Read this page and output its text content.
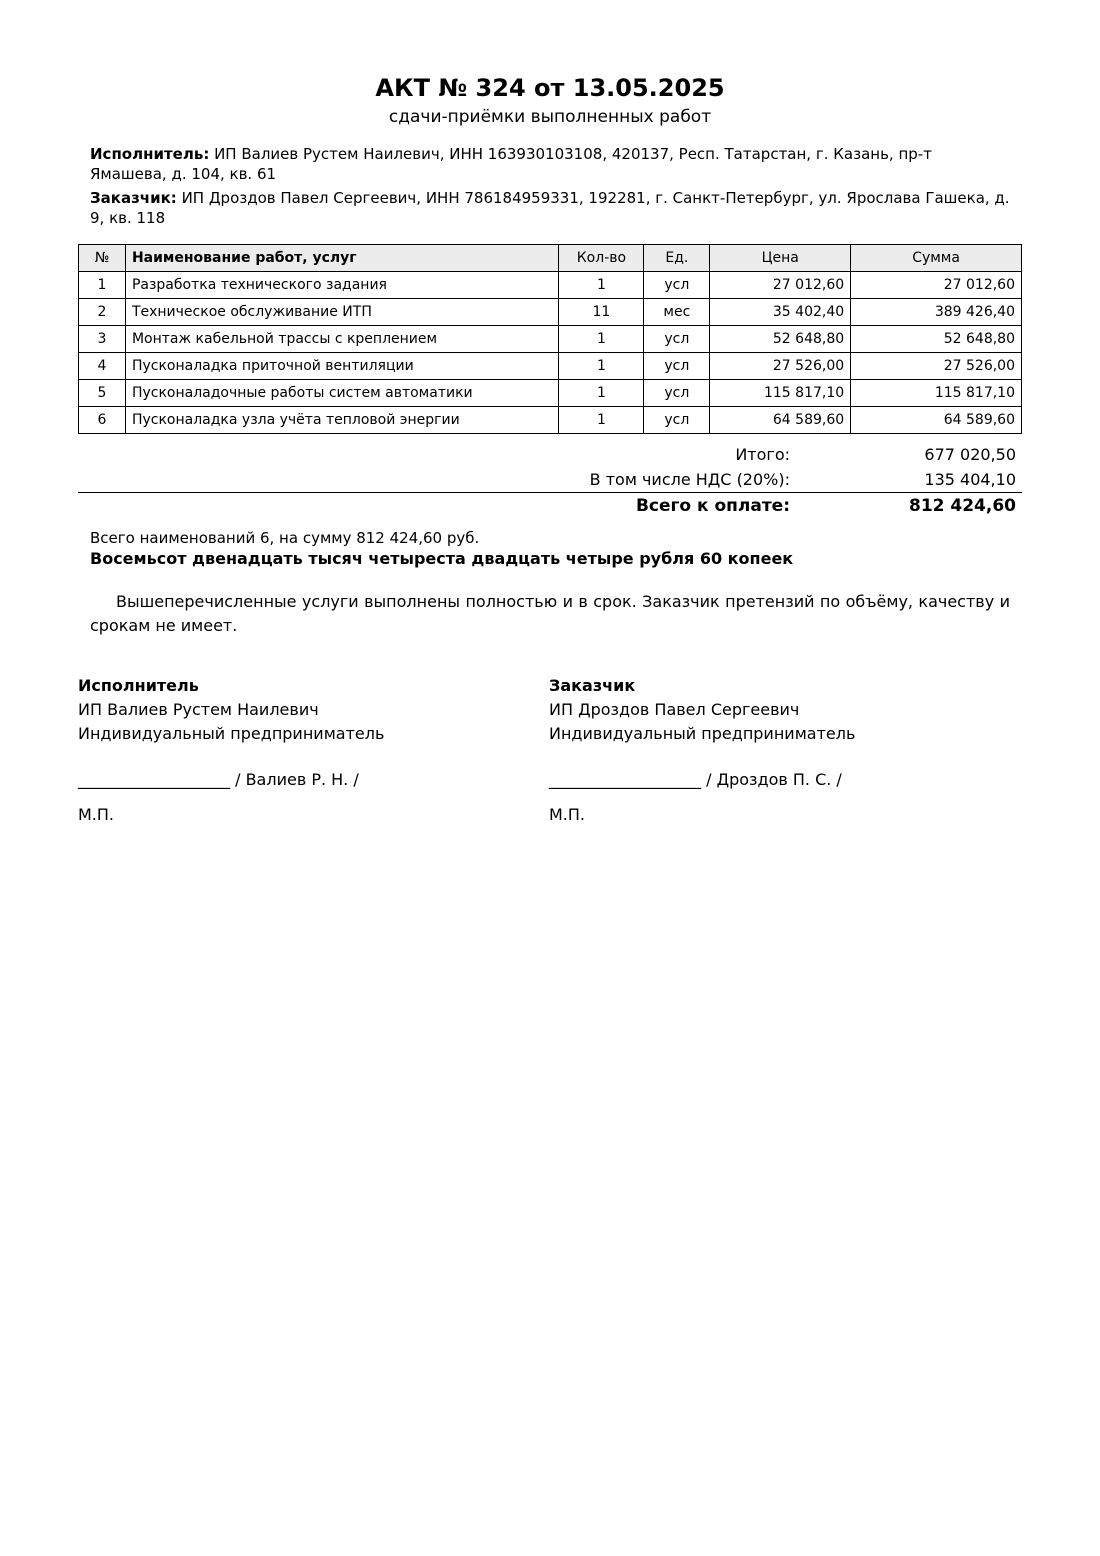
АКТ № 324 от 13.05.2025
сдачи-приёмки выполненных работ
Исполнитель: ИП Валиев Рустем Наилевич, ИНН 163930103108, 420137, Респ. Татарстан, г. Казань, пр-т Ямашева, д. 104, кв. 61
Заказчик: ИП Дроздов Павел Сергеевич, ИНН 786184959331, 192281, г. Санкт-Петербург, ул. Ярослава Гашека, д. 9, кв. 118
№	Наименование работ, услуг	Кол-во	Ед.	Цена	Сумма
1	Разработка технического задания	1	усл	27 012,60	27 012,60
2	Техническое обслуживание ИТП	11	мес	35 402,40	389 426,40
3	Монтаж кабельной трассы с креплением	1	усл	52 648,80	52 648,80
4	Пусконаладка приточной вентиляции	1	усл	27 526,00	27 526,00
5	Пусконаладочные работы систем автоматики	1	усл	115 817,10	115 817,10
6	Пусконаладка узла учёта тепловой энергии	1	усл	64 589,60	64 589,60
Итого:	677 020,50
В том числе НДС (20%):	135 404,10
Всего к оплате:	812 424,60
Всего наименований 6, на сумму 812 424,60 руб.
Восемьсот двенадцать тысяч четыреста двадцать четыре рубля 60 копеек
Вышеперечисленные услуги выполнены полностью и в срок. Заказчик претензий по объёму, качеству и срокам не имеет.
Исполнитель
ИП Валиев Рустем Наилевич
Индивидуальный предприниматель
___________________ / Валиев Р. Н. /
М.П.
Заказчик
ИП Дроздов Павел Сергеевич
Индивидуальный предприниматель
___________________ / Дроздов П. С. /
М.П.
